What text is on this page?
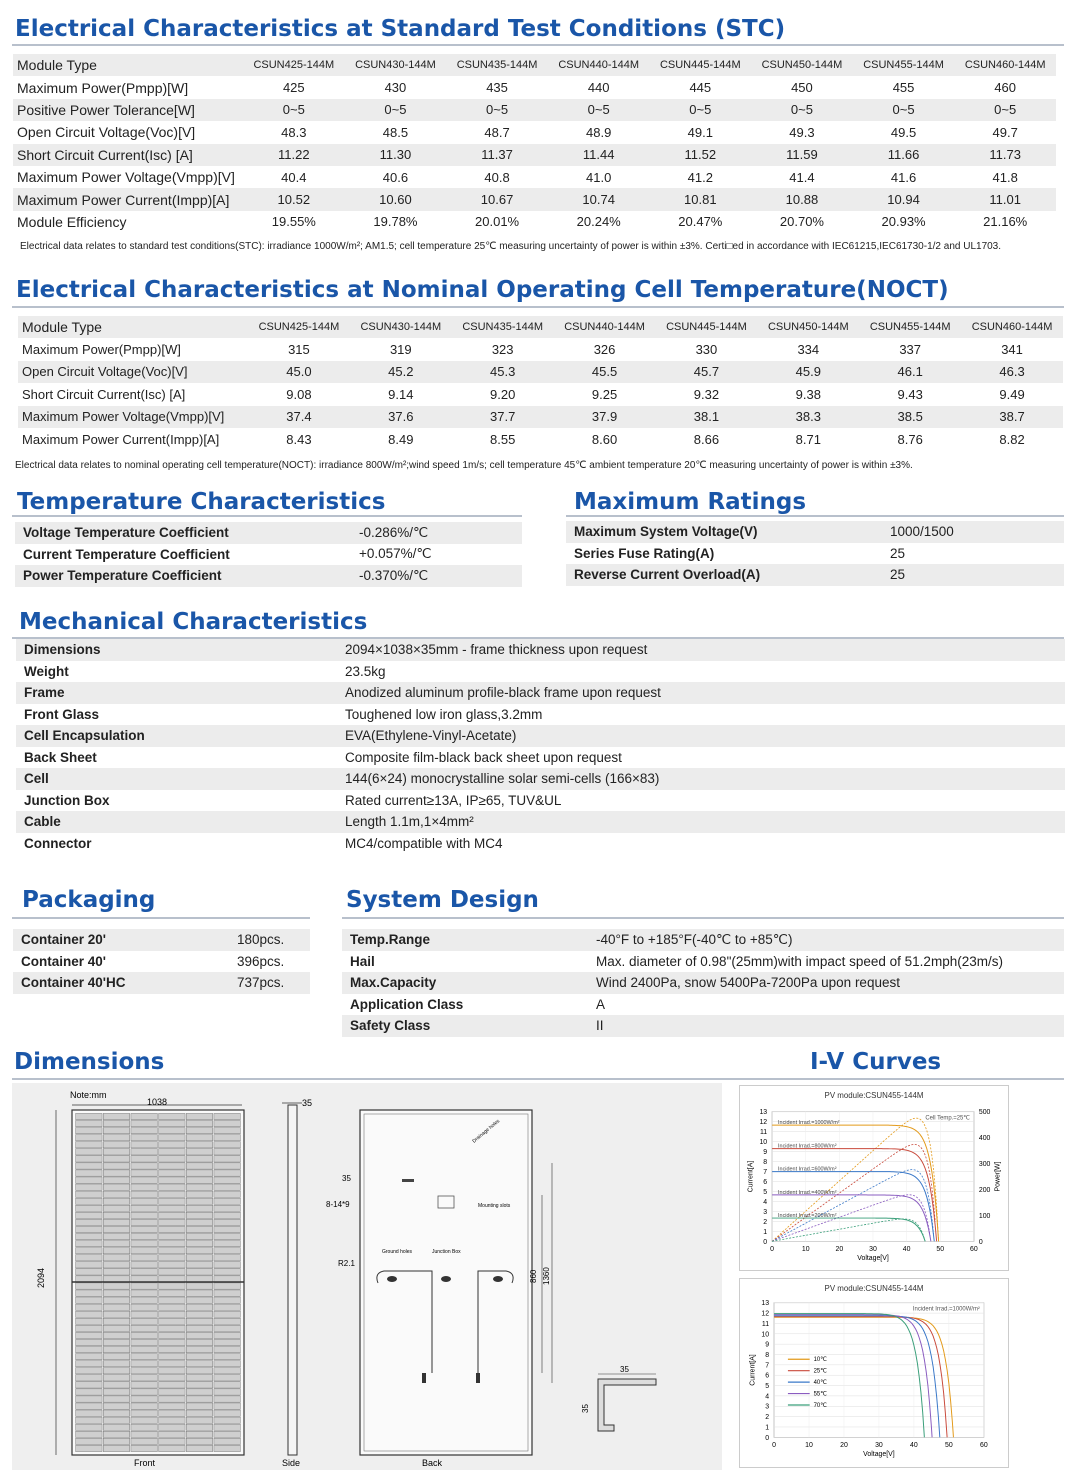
Electrical Characteristics at Standard Test Conditions (STC)
Module Type	CSUN425-144M	CSUN430-144M	CSUN435-144M	CSUN440-144M	CSUN445-144M	CSUN450-144M	CSUN455-144M	CSUN460-144M
Maximum Power(Pmpp)[W]	425	430	435	440	445	450	455	460
Positive Power Tolerance[W]	0~5	0~5	0~5	0~5	0~5	0~5	0~5	0~5
Open Circuit Voltage(Voc)[V]	48.3	48.5	48.7	48.9	49.1	49.3	49.5	49.7
Short Circuit Current(Isc) [A]	11.22	11.30	11.37	11.44	11.52	11.59	11.66	11.73
Maximum Power Voltage(Vmpp)[V]	40.4	40.6	40.8	41.0	41.2	41.4	41.6	41.8
Maximum Power Current(Impp)[A]	10.52	10.60	10.67	10.74	10.81	10.88	10.94	11.01
Module Efficiency	19.55%	19.78%	20.01%	20.24%	20.47%	20.70%	20.93%	21.16%
Electrical data relates to standard test conditions(STC): irradiance 1000W/m²; AM1.5; cell temperature 25℃ measuring uncertainty of power is within ±3%. Certi□ed in accordance with IEC61215,IEC61730-1/2 and UL1703.
Electrical Characteristics at Nominal Operating Cell Temperature(NOCT)
Module Type	CSUN425-144M	CSUN430-144M	CSUN435-144M	CSUN440-144M	CSUN445-144M	CSUN450-144M	CSUN455-144M	CSUN460-144M
Maximum Power(Pmpp)[W]	315	319	323	326	330	334	337	341
Open Circuit Voltage(Voc)[V]	45.0	45.2	45.3	45.5	45.7	45.9	46.1	46.3
Short Circuit Current(Isc) [A]	9.08	9.14	9.20	9.25	9.32	9.38	9.43	9.49
Maximum Power Voltage(Vmpp)[V]	37.4	37.6	37.7	37.9	38.1	38.3	38.5	38.7
Maximum Power Current(Impp)[A]	8.43	8.49	8.55	8.60	8.66	8.71	8.76	8.82
Electrical data relates to nominal operating cell temperature(NOCT): irradiance 800W/m²;wind speed 1m/s; cell temperature 45℃ ambient temperature 20℃ measuring uncertainty of power is within ±3%.
Temperature Characteristics
Voltage Temperature Coefficient	-0.286%/℃
Current Temperature Coefficient	+0.057%/℃
Power Temperature Coefficient	-0.370%/℃
Maximum Ratings
Maximum System Voltage(V)	1000/1500
Series Fuse Rating(A)	25
Reverse Current Overload(A)	25
Mechanical Characteristics
Dimensions	2094×1038×35mm - frame thickness upon request
Weight	23.5kg
Frame	Anodized aluminum profile-black frame upon request
Front Glass	Toughened low iron glass,3.2mm
Cell Encapsulation	EVA(Ethylene-Vinyl-Acetate)
Back Sheet	Composite film-black back sheet upon request
Cell	144(6×24) monocrystalline solar semi-cells (166×83)
Junction Box	Rated current≥13A, IP≥65, TUV&UL
Cable	Length 1.1m,1×4mm²
Connector	MC4/compatible with MC4
Packaging
Container 20'	180pcs.
Container 40'	396pcs.
Container 40'HC	737pcs.
System Design
Temp.Range	-40°F to +185°F(-40℃ to +85℃)
Hail	Max. diameter of 0.98"(25mm)with impact speed of 51.2mph(23m/s)
Max.Capacity	Wind 2400Pa, snow 5400Pa-7200Pa upon request
Application Class	A
Safety Class	II
Dimensions	I-V Curves
Note:mm
1038
2094
Front
35
Side
35
8-14*9
R2.1
Mounting slots
Ground holes	Junction Box
Drainage holes
860 1360
Back
35
35
PV module:CSUN455-144M
0
1
2
3
4
5
6
7
8
9
10
11
12
13
0	10	20	30	40	50	60
Voltage[V]
Current[A]
Cell Temp.=25℃
0
100
200
300
400
500
Power[W]
Incident Irrad.=1000W/m²
Incident Irrad.=800W/m²
Incident Irrad.=600W/m²
Incident Irrad.=400W/m²
Incident Irrad.=200W/m²
PV module:CSUN455-144M
0
1
2
3
4
5
6
7
8
9
10
11
12
13
0	10	20	30	40	50	60
Voltage[V]
Current[A]
Incident Irrad.=1000W/m²
10℃
25℃
40℃
55℃
70℃
